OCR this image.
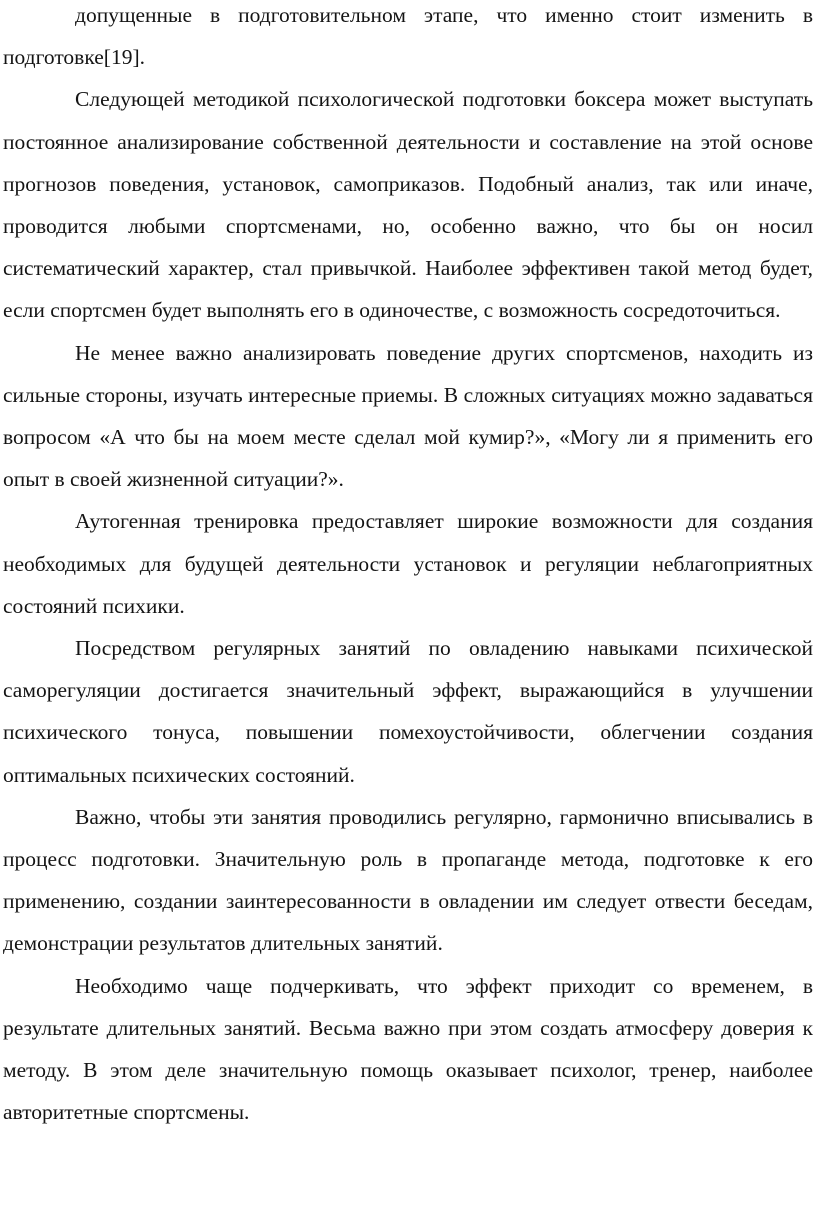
допущенные в подготовительном этапе, что именно стоит изменить в подготовке[19].

Следующей методикой психологической подготовки боксера может выступать постоянное анализирование собственной деятельности и составление на этой основе прогнозов поведения, установок, самоприказов. Подобный анализ, так или иначе, проводится любыми спортсменами, но, особенно важно, что бы он носил систематический характер, стал привычкой. Наиболее эффективен такой метод будет, если спортсмен будет выполнять его в одиночестве, с возможность сосредоточиться.

Не менее важно анализировать поведение других спортсменов, находить из сильные стороны, изучать интересные приемы. В сложных ситуациях можно задаваться вопросом «А что бы на моем месте сделал мой кумир?», «Могу ли я применить его опыт в своей жизненной ситуации?».

Аутогенная тренировка предоставляет широкие возможности для создания необходимых для будущей деятельности установок и регуляции неблагоприятных состояний психики.

Посредством регулярных занятий по овладению навыками психической саморегуляции достигается значительный эффект, выражающийся в улучшении психического тонуса, повышении помехоустойчивости, облегчении создания оптимальных психических состояний.

Важно, чтобы эти занятия проводились регулярно, гармонично вписывались в процесс подготовки. Значительную роль в пропаганде метода, подготовке к его применению, создании заинтересованности в овладении им следует отвести беседам, демонстрации результатов длительных занятий.

Необходимо чаще подчеркивать, что эффект приходит со временем, в результате длительных занятий. Весьма важно при этом создать атмосферу доверия к методу. В этом деле значительную помощь оказывает психолог, тренер, наиболее авторитетные спортсмены.
